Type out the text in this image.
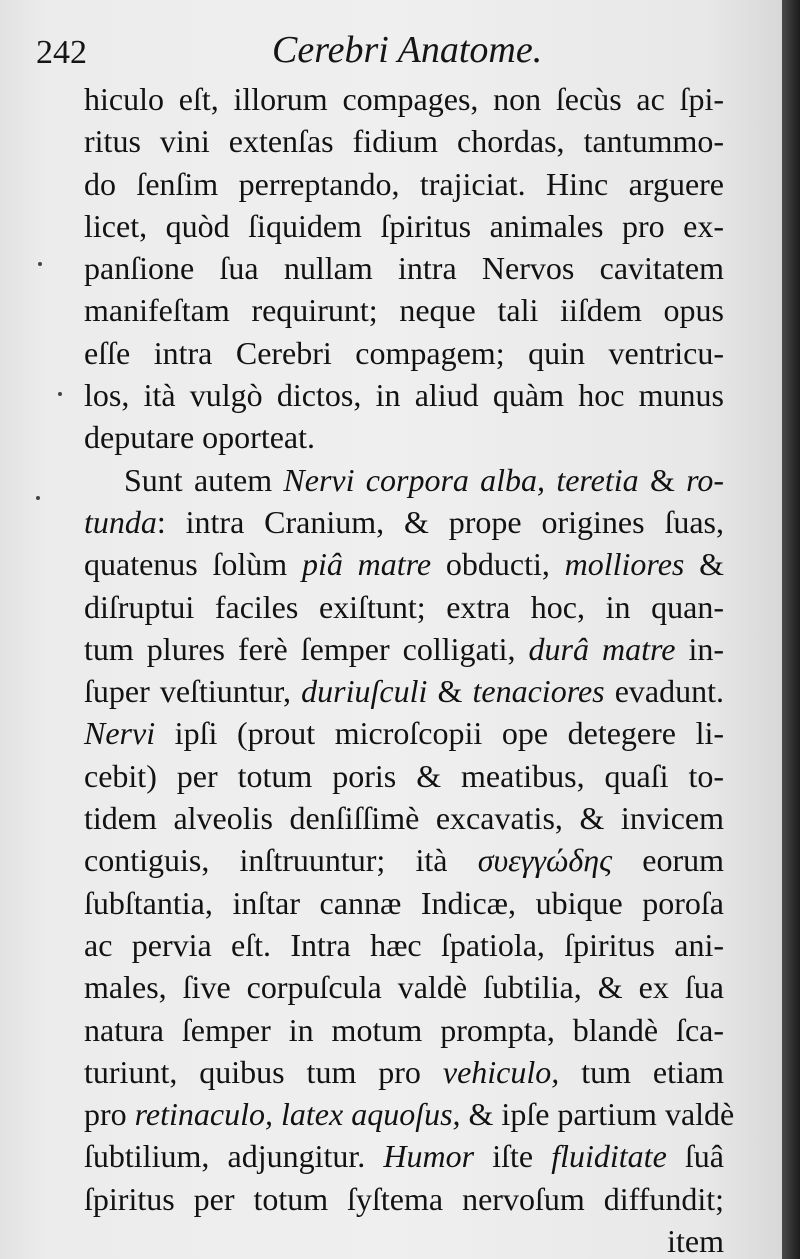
242	Cerebri Anatome.
hiculo eſt, illorum compages, non ſecùs ac ſpi-
ritus vini extenſas fidium chordas, tantummo-
do ſenſim perreptando, trajiciat. Hinc arguere
licet, quòd ſiquidem ſpiritus animales pro ex-
panſione ſua nullam intra Nervos cavitatem
manifeſtam requirunt; neque tali iiſdem opus
eſſe intra Cerebri compagem; quin ventricu-
los, ità vulgò dictos, in aliud quàm hoc munus
deputare oporteat.
Sunt autem Nervi corpora alba, teretia & ro-
tunda: intra Cranium, & prope origines ſuas,
quatenus ſolùm piâ matre obducti, molliores &
diſruptui faciles exiſtunt; extra hoc, in quan-
tum plures ferè ſemper colligati, durâ matre in-
ſuper veſtiuntur, duriuſculi & tenaciores evadunt.
Nervi ipſi (prout microſcopii ope detegere li-
cebit) per totum poris & meatibus, quaſi to-
tidem alveolis denſiſſimè excavatis, & invicem
contiguis, inſtruuntur; ità συεγγώδης eorum
ſubſtantia, inſtar cannæ Indicæ, ubique poroſa
ac pervia eſt. Intra hæc ſpatiola, ſpiritus ani-
males, ſive corpuſcula valdè ſubtilia, & ex ſua
natura ſemper in motum prompta, blandè ſca-
turiunt, quibus tum pro vehiculo, tum etiam
pro retinaculo, latex aquoſus, & ipſe partium valdè
ſubtilium, adjungitur. Humor iſte fluiditate ſuâ
ſpiritus per totum ſyſtema nervoſum diffundit;
item
